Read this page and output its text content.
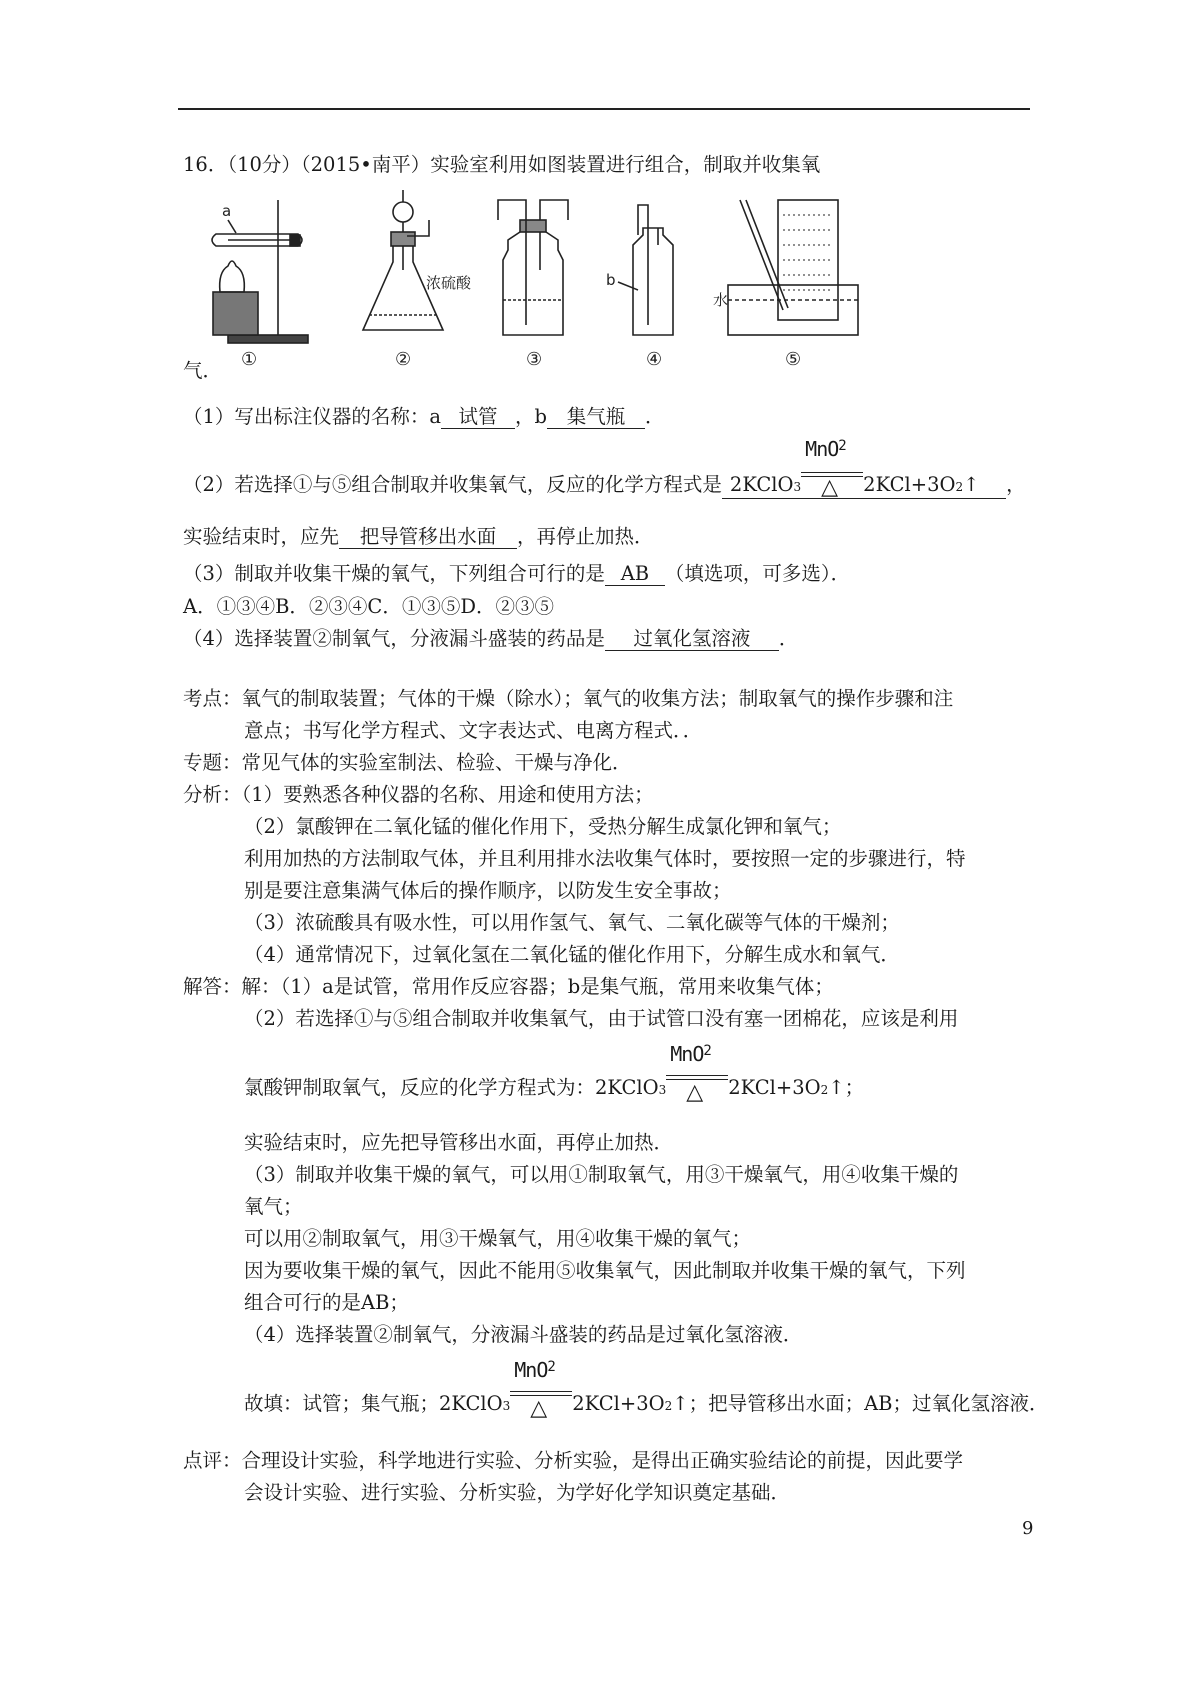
16．（10分）（2015•南平）实验室利用如图装置进行组合，制取并收集氧
a
b
水
浓硫酸
①	②	③	④	⑤
气．
（1）写出标注仪器的名称：a 试管 ，b 集气瓶 ．
（2）若选择①与⑤组合制取并收集氧气，反应的化学方程式是 2KClO3
MnO$_2$
△ 2KCl+3O2↑ ，
实验结束时，应先 把导管移出水面 ，再停止加热．
（3）制取并收集干燥的氧气，下列组合可行的是 AB （填选项，可多选）．
A．①③④B．②③④C．①③⑤D．②③⑤
（4）选择装置②制氧气，分液漏斗盛装的药品是 过氧化氢溶液 ．
考点：氧气的制取装置；气体的干燥（除水）；氧气的收集方法；制取氧气的操作步骤和注
意点；书写化学方程式、文字表达式、电离方程式．．
专题：常见气体的实验室制法、检验、干燥与净化．
分析：（1）要熟悉各种仪器的名称、用途和使用方法；
（2）氯酸钾在二氧化锰的催化作用下，受热分解生成氯化钾和氧气；
利用加热的方法制取气体，并且利用排水法收集气体时，要按照一定的步骤进行，特
别是要注意集满气体后的操作顺序，以防发生安全事故；
（3）浓硫酸具有吸水性，可以用作氢气、氧气、二氧化碳等气体的干燥剂；
（4）通常情况下，过氧化氢在二氧化锰的催化作用下，分解生成水和氧气．
解答：解：（1）a是试管，常用作反应容器；b是集气瓶，常用来收集气体；
（2）若选择①与⑤组合制取并收集氧气，由于试管口没有塞一团棉花，应该是利用
氯酸钾制取氧气，反应的化学方程式为：2KClO3
MnO$_2$
△ 2KCl+3O2↑；
实验结束时，应先把导管移出水面，再停止加热．
（3）制取并收集干燥的氧气，可以用①制取氧气，用③干燥氧气，用④收集干燥的
氧气；
可以用②制取氧气，用③干燥氧气，用④收集干燥的氧气；
因为要收集干燥的氧气，因此不能用⑤收集氧气，因此制取并收集干燥的氧气，下列
组合可行的是AB；
（4）选择装置②制氧气，分液漏斗盛装的药品是过氧化氢溶液．
故填：试管；集气瓶；2KClO3
MnO$_2$
△ 2KCl+3O2↑；把导管移出水面；AB；过氧化氢溶液．
点评：合理设计实验，科学地进行实验、分析实验，是得出正确实验结论的前提，因此要学
会设计实验、进行实验、分析实验，为学好化学知识奠定基础．
9
